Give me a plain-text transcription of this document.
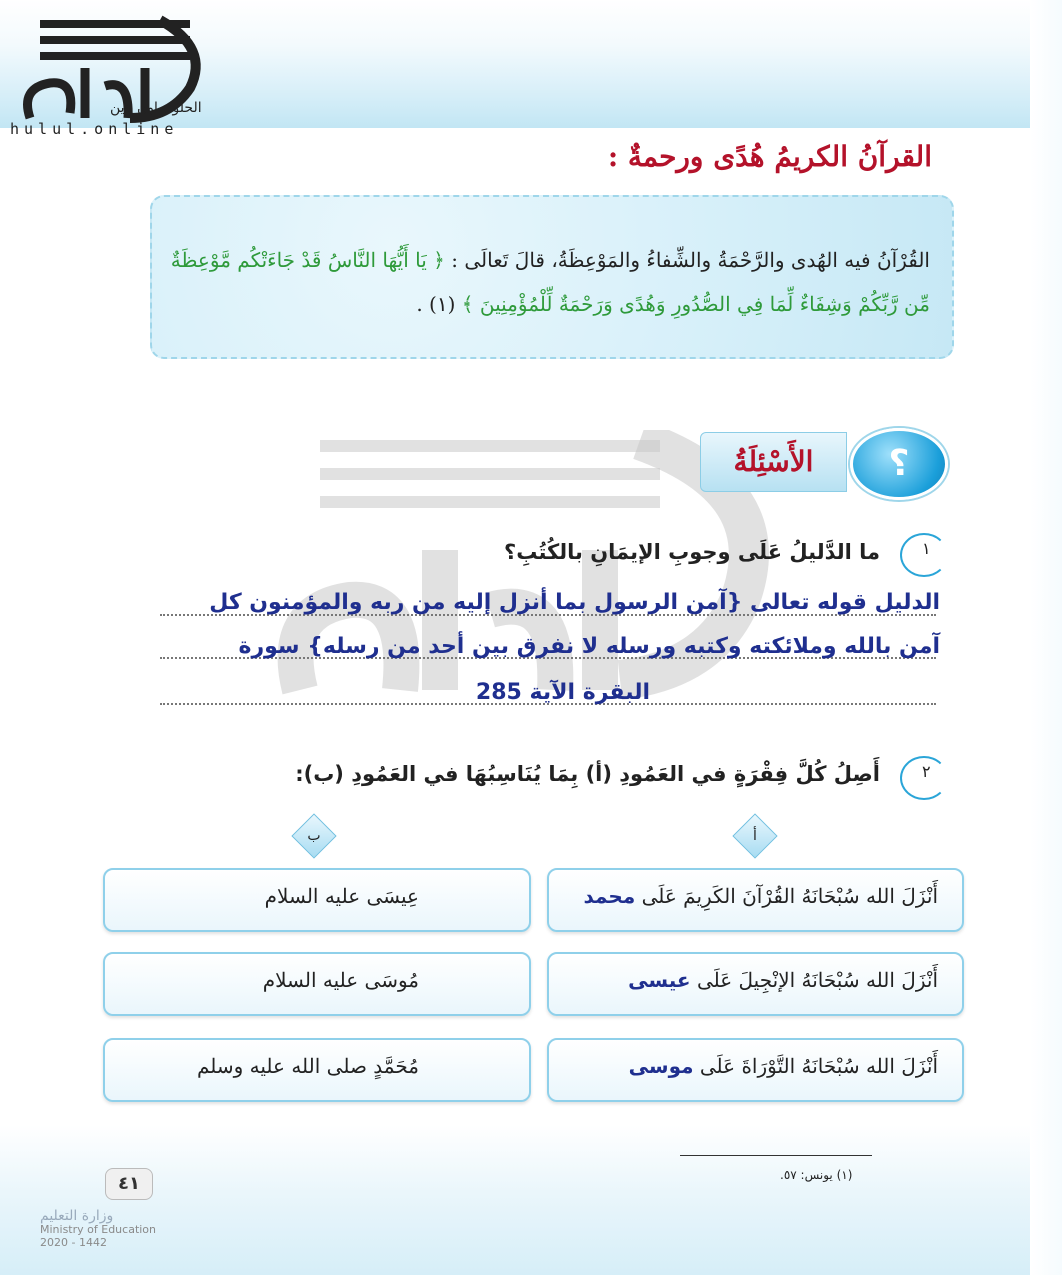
الحلول اون لاين
hulul.online
القرآنُ الكريمُ هُدًى ورحمةٌ :
القُرْآنُ فيه الهُدى والرَّحْمَةُ والشِّفاءُ والمَوْعِظَةُ، قالَ تَعالَى : ﴿ يَا أَيُّهَا النَّاسُ قَدْ جَاءَتْكُم مَّوْعِظَةٌ مِّن رَّبِّكُمْ وَشِفَاءٌ لِّمَا فِي الصُّدُورِ وَهُدًى وَرَحْمَةٌ لِّلْمُؤْمِنِينَ ﴾ (١) .
الأَسْئِلَةُ	؟
١
ما الدَّليلُ عَلَى وجوبِ الإيمَانِ بالكُتُبِ؟
الدليل قوله تعالى {آمن الرسول بما أنزل إليه من ربه والمؤمنون كل
آمن بالله وملائكته وكتبه ورسله لا نفرق بين أحد من رسله} سورة
البقرة الآية 285
٢
أَصِلُ كُلَّ فِقْرَةٍ في العَمُودِ (أ) بِمَا يُنَاسِبُهَا في العَمُودِ (ب):
أ
ب
أَنْزَلَ الله سُبْحَانَهُ القُرْآنَ الكَرِيمَ عَلَى محمد
أَنْزَلَ الله سُبْحَانَهُ الإنْجِيلَ عَلَى عيسى
أَنْزَلَ الله سُبْحَانَهُ التَّوْرَاةَ عَلَى موسى
عِيسَى عليه السلام
مُوسَى عليه السلام
مُحَمَّدٍ صلى الله عليه وسلم
(١) يونس: ٥٧.
٤١
وزارة التعليم
Ministry of Education
2020 - 1442
